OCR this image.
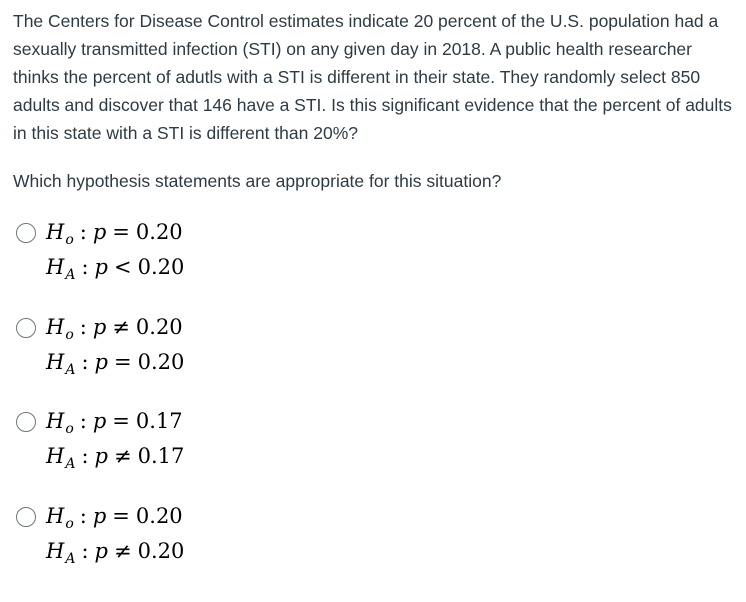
The Centers for Disease Control estimates indicate 20 percent of the U.S. population had a sexually transmitted infection (STI) on any given day in 2018. A public health researcher thinks the percent of adutls with a STI is different in their state. They randomly select 850 adults and discover that 146 have a STI. Is this significant evidence that the percent of adults in this state with a STI is different than 20%?

Which hypothesis statements are appropriate for this situation?

$H_o$ : p = 0.20
$H_A$ : p < 0.20
$H_o$ : p ≠ 0.20
$H_A$ : p = 0.20
$H_o$ : p = 0.17
$H_A$ : p ≠ 0.17
$H_o$ : p = 0.20
$H_A$ : p ≠ 0.20
